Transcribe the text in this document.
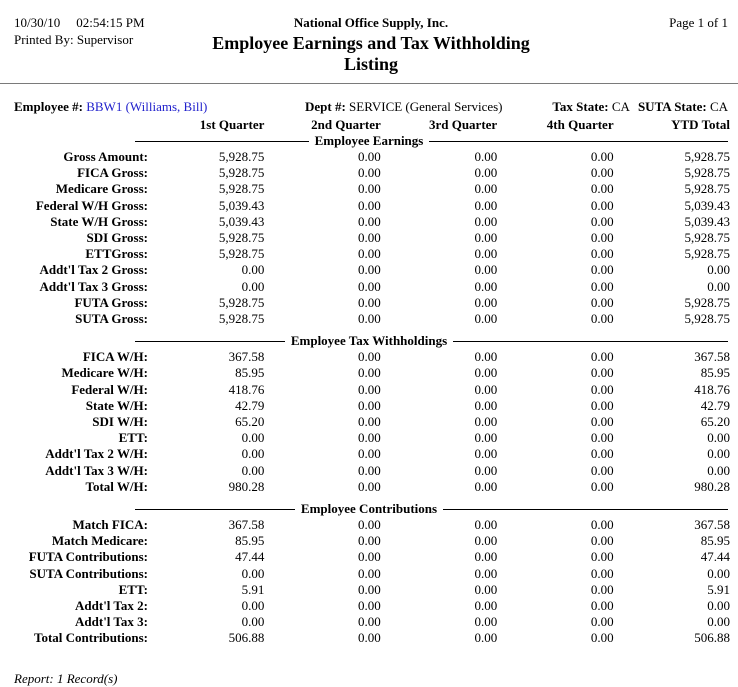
10/30/10 02:54:15 PM
Printed By: Supervisor
National Office Supply, Inc.
Employee Earnings and Tax Withholding Listing
Page 1 of 1
Employee #: BBW1 (Williams, Bill)	Dept #: SERVICE (General Services)	Tax State: CA SUTA State: CA
1st Quarter	2nd Quarter	3rd Quarter	4th Quarter	YTD Total
Employee Earnings
Gross Amount:	5,928.75	0.00	0.00	0.00	5,928.75
FICA Gross:	5,928.75	0.00	0.00	0.00	5,928.75
Medicare Gross:	5,928.75	0.00	0.00	0.00	5,928.75
Federal W/H Gross:	5,039.43	0.00	0.00	0.00	5,039.43
State W/H Gross:	5,039.43	0.00	0.00	0.00	5,039.43
SDI Gross:	5,928.75	0.00	0.00	0.00	5,928.75
ETTGross:	5,928.75	0.00	0.00	0.00	5,928.75
Addt'l Tax 2 Gross:	0.00	0.00	0.00	0.00	0.00
Addt'l Tax 3 Gross:	0.00	0.00	0.00	0.00	0.00
FUTA Gross:	5,928.75	0.00	0.00	0.00	5,928.75
SUTA Gross:	5,928.75	0.00	0.00	0.00	5,928.75
Employee Tax Withholdings
FICA W/H:	367.58	0.00	0.00	0.00	367.58
Medicare W/H:	85.95	0.00	0.00	0.00	85.95
Federal W/H:	418.76	0.00	0.00	0.00	418.76
State W/H:	42.79	0.00	0.00	0.00	42.79
SDI W/H:	65.20	0.00	0.00	0.00	65.20
ETT:	0.00	0.00	0.00	0.00	0.00
Addt'l Tax 2 W/H:	0.00	0.00	0.00	0.00	0.00
Addt'l Tax 3 W/H:	0.00	0.00	0.00	0.00	0.00
Total W/H:	980.28	0.00	0.00	0.00	980.28
Employee Contributions
Match FICA:	367.58	0.00	0.00	0.00	367.58
Match Medicare:	85.95	0.00	0.00	0.00	85.95
FUTA Contributions:	47.44	0.00	0.00	0.00	47.44
SUTA Contributions:	0.00	0.00	0.00	0.00	0.00
ETT:	5.91	0.00	0.00	0.00	5.91
Addt'l Tax 2:	0.00	0.00	0.00	0.00	0.00
Addt'l Tax 3:	0.00	0.00	0.00	0.00	0.00
Total Contributions:	506.88	0.00	0.00	0.00	506.88
Report: 1 Record(s)
